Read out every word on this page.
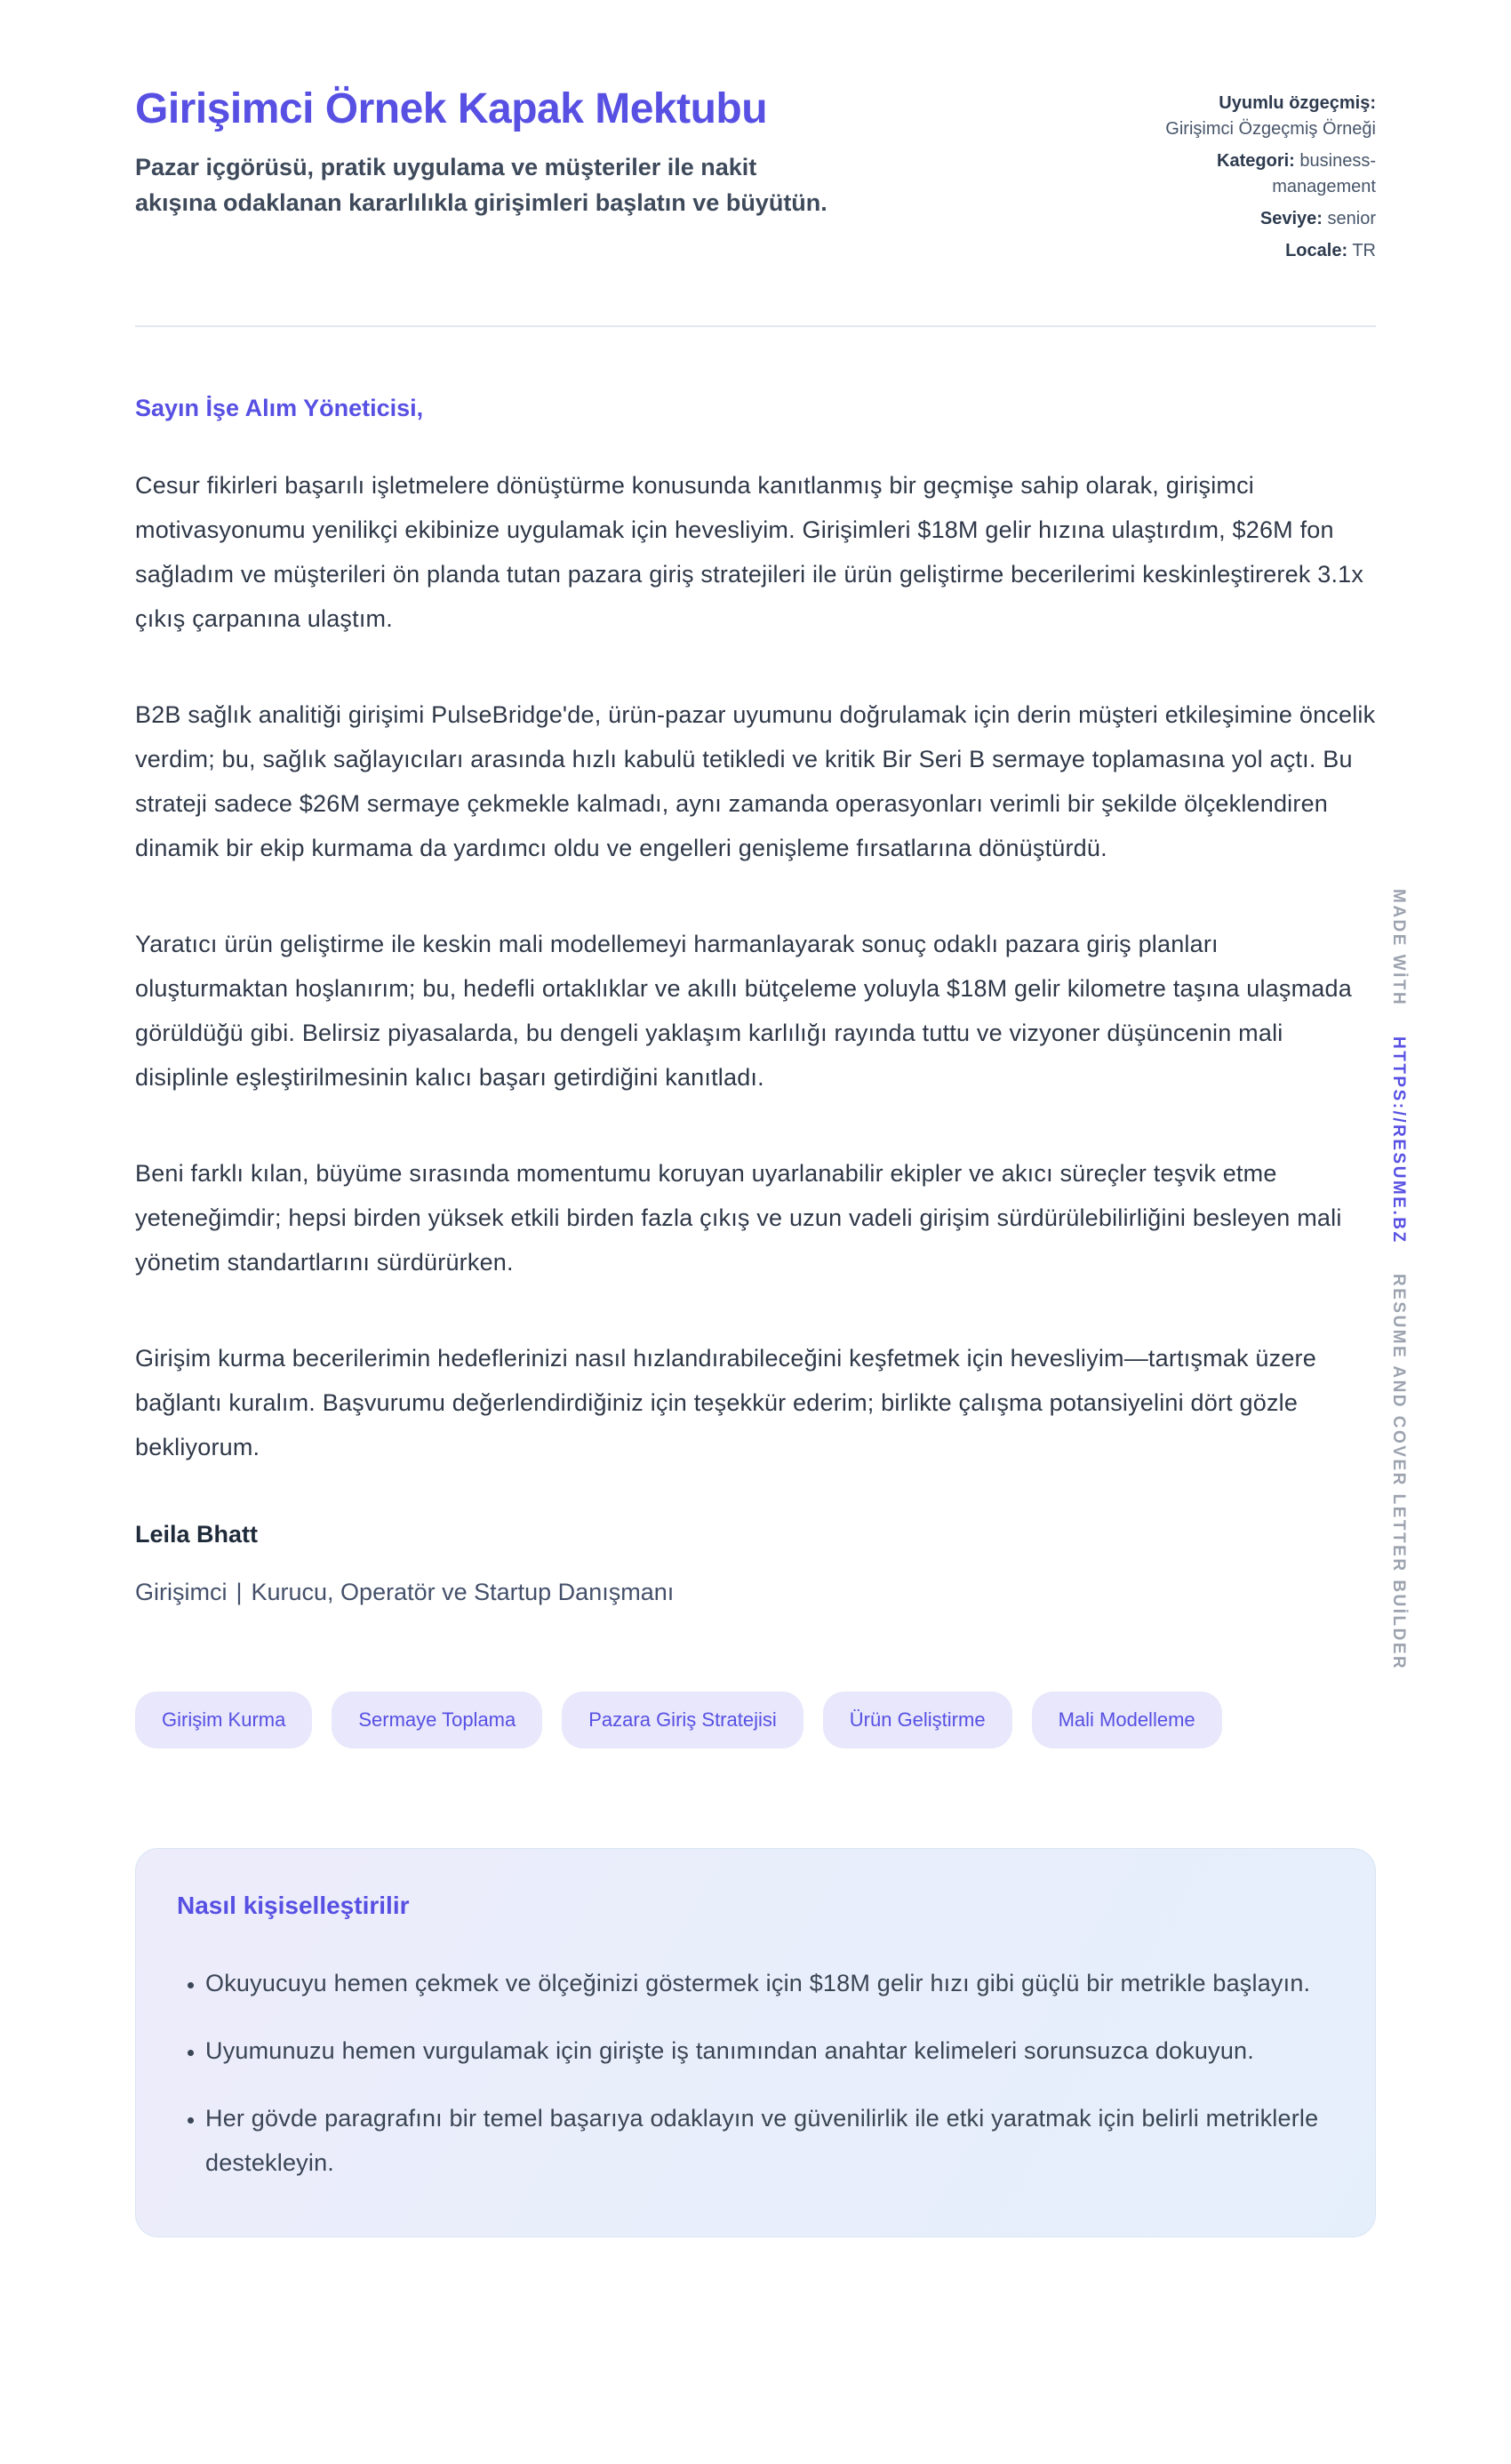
Girişimci Örnek Kapak Mektubu
Pazar içgörüsü, pratik uygulama ve müşteriler ile nakit
akışına odaklanan kararlılıkla girişimleri başlatın ve büyütün.
Uyumlu özgeçmiş: Girişimci Özgeçmiş Örneği
Kategori: business-management
Seviye: senior
Locale: TR

Sayın İşe Alım Yöneticisi,

Cesur fikirleri başarılı işletmelere dönüştürme konusunda kanıtlanmış bir geçmişe sahip olarak, girişimci motivasyonumu yenilikçi ekibinize uygulamak için hevesliyim. Girişimleri $18M gelir hızına ulaştırdım, $26M fon sağladım ve müşterileri ön planda tutan pazara giriş stratejileri ile ürün geliştirme becerilerimi keskinleştirerek 3.1x çıkış çarpanına ulaştım.

B2B sağlık analitiği girişimi PulseBridge'de, ürün-pazar uyumunu doğrulamak için derin müşteri etkileşimine öncelik verdim; bu, sağlık sağlayıcıları arasında hızlı kabulü tetikledi ve kritik Bir Seri B sermaye toplamasına yol açtı. Bu strateji sadece $26M sermaye çekmekle kalmadı, aynı zamanda operasyonları verimli bir şekilde ölçeklendiren dinamik bir ekip kurmama da yardımcı oldu ve engelleri genişleme fırsatlarına dönüştürdü.

Yaratıcı ürün geliştirme ile keskin mali modellemeyi harmanlayarak sonuç odaklı pazara giriş planları oluşturmaktan hoşlanırım; bu, hedefli ortaklıklar ve akıllı bütçeleme yoluyla $18M gelir kilometre taşına ulaşmada görüldüğü gibi. Belirsiz piyasalarda, bu dengeli yaklaşım karlılığı rayında tuttu ve vizyoner düşüncenin mali disiplinle eşleştirilmesinin kalıcı başarı getirdiğini kanıtladı.

Beni farklı kılan, büyüme sırasında momentumu koruyan uyarlanabilir ekipler ve akıcı süreçler teşvik etme yeteneğimdir; hepsi birden yüksek etkili birden fazla çıkış ve uzun vadeli girişim sürdürülebilirliğini besleyen mali yönetim standartlarını sürdürürken.

Girişim kurma becerilerimin hedeflerinizi nasıl hızlandırabileceğini keşfetmek için hevesliyim—tartışmak üzere bağlantı kuralım. Başvurumu değerlendirdiğiniz için teşekkür ederim; birlikte çalışma potansiyelini dört gözle bekliyorum.

Leila Bhatt
Girişimci | Kurucu, Operatör ve Startup Danışmanı
Girişim Kurma	Sermaye Toplama	Pazara Giriş Stratejisi	Ürün Geliştirme	Mali Modelleme
Nasıl kişiselleştirilir
• Okuyucuyu hemen çekmek ve ölçeğinizi göstermek için $18M gelir hızı gibi güçlü bir metrikle başlayın.
• Uyumunuzu hemen vurgulamak için girişte iş tanımından anahtar kelimeleri sorunsuzca dokuyun.
• Her gövde paragrafını bir temel başarıya odaklayın ve güvenilirlik ile etki yaratmak için belirli metriklerle destekleyin.
MADE WİTH HTTPS://RESUME.BZ RESUME AND COVER LETTER BUİLDER
